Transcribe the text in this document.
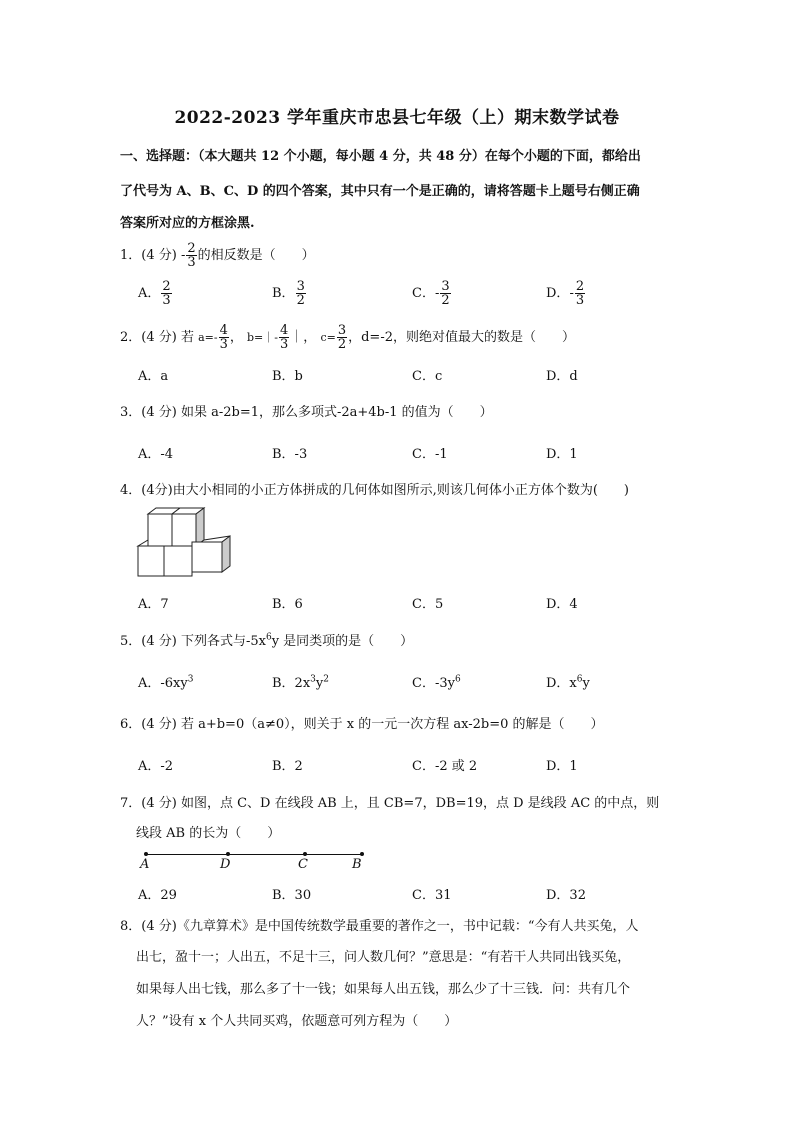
2022-2023 学年重庆市忠县七年级（上）期末数学试卷
一、选择题：（本大题共 12 个小题，每小题 4 分，共 48 分）在每个小题的下面，都给出
了代号为 A、B、C、D 的四个答案，其中只有一个是正确的，请将答题卡上题号右侧正确
答案所对应的方框涂黑.
1．(4 分) - $\frac{2}{3}$ 的相反数是（　　）
A． $\frac{2}{3}$	B． $\frac{3}{2}$	C．- $\frac{3}{2}$	D．- $\frac{2}{3}$
2．(4 分) 若 $a=- \frac{4}{3}$ ， b=｜- $\frac{4}{3}$ ｜， $c= \frac{3}{2}$ ，d=-2，则绝对值最大的数是（　　）
A．a	B．b	C．c	D．d
3．(4 分) 如果 a-2b=1，那么多项式-2a+4b-1 的值为（　　）
A．-4	B．-3	C．-1	D．1
4．(4分)由大小相同的小正方体拼成的几何体如图所示,则该几何体小正方体个数为(　　)
A．7	B．6	C．5	D．4
5．(4 分) 下列各式与$-5x^6y$ 是同类项的是（　　）
A．$-6xy^3$	B．$2x^3y^2$	C．$-3y^6$	D．$x^6y$
6．(4 分) 若 a+b=0（a≠0），则关于 x 的一元一次方程 ax-2b=0 的解是（　　）
A．-2	B．2	C．-2 或 2	D．1
7．(4 分) 如图，点 C、D 在线段 AB 上，且 CB=7，DB=19，点 D 是线段 AC 的中点，则
线段 AB 的长为（　　）
A	D	C	B
A．29	B．30	C．31	D．32
8．(4 分)《九章算术》是中国传统数学最重要的著作之一，书中记载：“今有人共买兔，人
出七，盈十一；人出五，不足十三，问人数几何？”意思是：“有若干人共同出钱买兔，
如果每人出七钱，那么多了十一钱；如果每人出五钱，那么少了十三钱．问：共有几个
人？”设有 x 个人共同买鸡，依题意可列方程为（　　）
